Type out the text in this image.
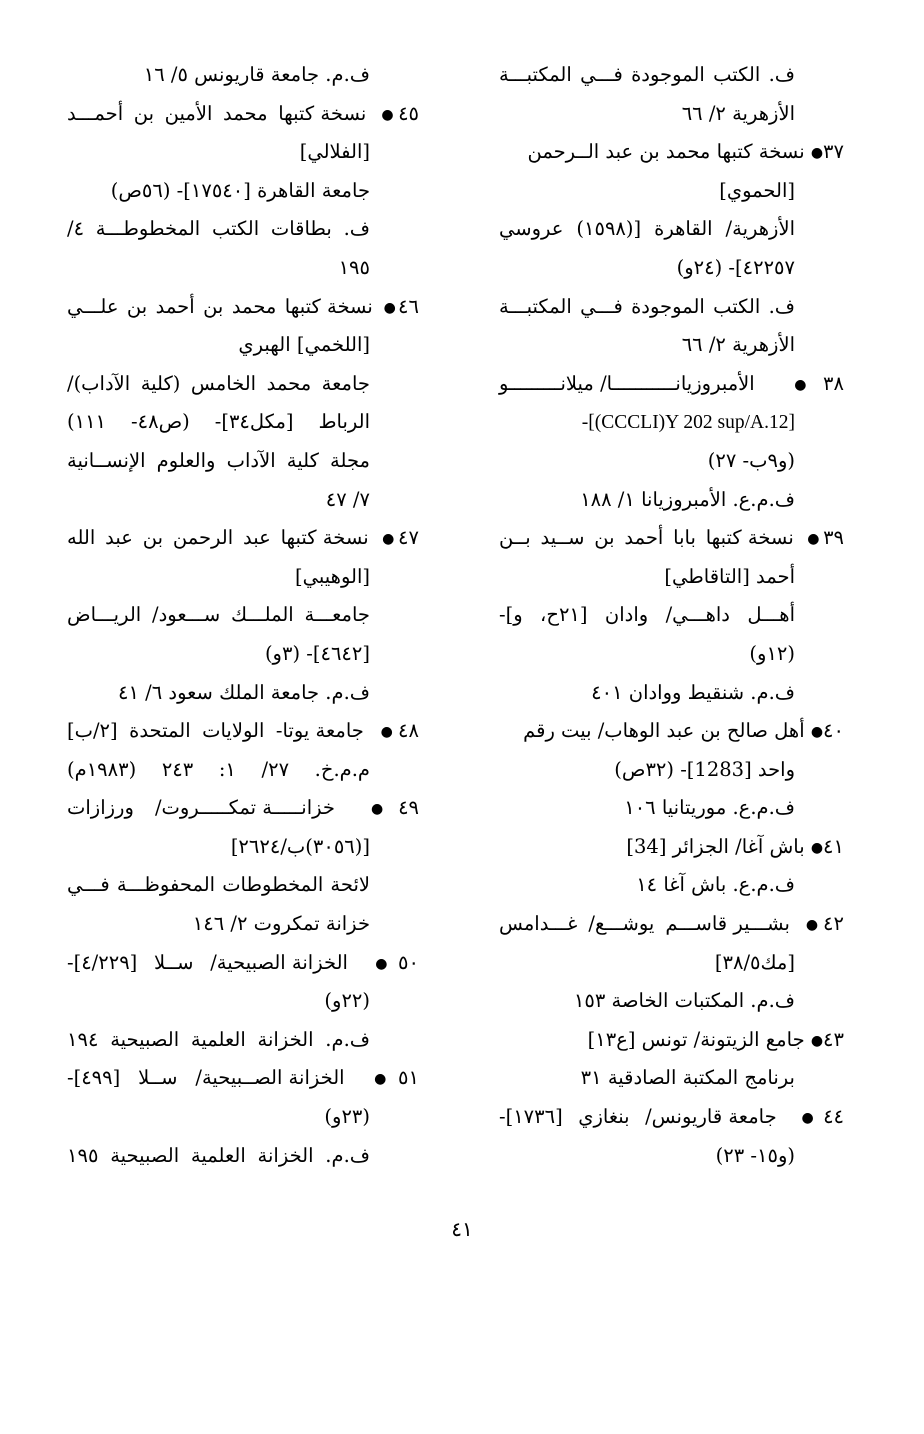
ف. الكتب الموجودة فـــي المكتبـــة
الأزهرية ٢/ ٦٦
٣٧● نسخة كتبها محمد بن عبد الــرحمن
[الحموي]
الأزهرية/ القاهرة [(١٥٩٨) عروسي
٤٢٢٥٧]- (٢٤و)
ف. الكتب الموجودة فـــي المكتبـــة
الأزهرية ٢/ ٦٦
٣٨● الأمبروزيانـــــــــــا/ ميلانـــــــــو
-[(CCCLI)Y 202 sup/A.12]
(و٩ب- ٢٧)
ف.م.ع. الأمبروزيانا ١/ ١٨٨
٣٩● نسخة كتبها بابا أحمد بن ســيد بــن
أحمد [التاقاطي]
أهـــل داهـــي/ وادان [٢١ح، و]-
(١٢و)
ف.م. شنقيط ووادان ٤٠١
٤٠● أهل صالح بن عبد الوهاب/ بيت رقم
واحد [1283]- (٣٢ص)
ف.م.ع. موريتانيا ١٠٦
٤١● باش آغا/ الجزائر [34]
ف.م.ع. باش آغا ١٤
٤٢● بشـــير قاســـم يوشـــع/ غـــدامس
[مك٣٨/٥]
ف.م. المكتبات الخاصة ١٥٣
٤٣● جامع الزيتونة/ تونس [ع١٣]
برنامج المكتبة الصادقية ٣١
٤٤● جامعة قاريونس/ بنغازي [١٧٣٦]-
(و١٥- ٢٣)
ف.م. جامعة قاريونس ٥/ ١٦
٤٥● نسخة كتبها محمد الأمين بن أحمـــد
[الفلالي]
جامعة القاهرة [١٧٥٤٠]- (٥٦ص)
ف. بطاقات الكتب المخطوطـــة ٤/
١٩٥
٤٦● نسخة كتبها محمد بن أحمد بن علـــي
[اللخمي] الهبري
جامعة محمد الخامس (كلية الآداب)/
الرباط [مكل٣٤]- (ص٤٨- ١١١)
مجلة كلية الآداب والعلوم الإنســانية
٧/ ٤٧
٤٧● نسخة كتبها عبد الرحمن بن عبد الله
[الوهيبي]
جامعـــة الملـــك ســـعود/ الريـــاض
[٤٦٤٢]- (٣و)
ف.م. جامعة الملك سعود ٦/ ٤١
٤٨● جامعة يوتا- الولايات المتحدة [٢/ب]
م.م.خ. ٢٧/ ١: ٢٤٣ (١٩٨٣م)
٤٩● خزانـــــة تمكـــــروت/ ورزازات
[(٣٠٥٦)ب/٢٦٢٤]
لائحة المخطوطات المحفوظـــة فـــي
خزانة تمكروت ٢/ ١٤٦
٥٠● الخزانة الصبيحية/ ســلا [٤/٢٢٩]-
(٢٢و)
ف.م. الخزانة العلمية الصبيحية ١٩٤
٥١● الخزانة الصــبيحية/ ســلا [٤٩٩]-
(٢٣و)
ف.م. الخزانة العلمية الصبيحية ١٩٥
٤١
